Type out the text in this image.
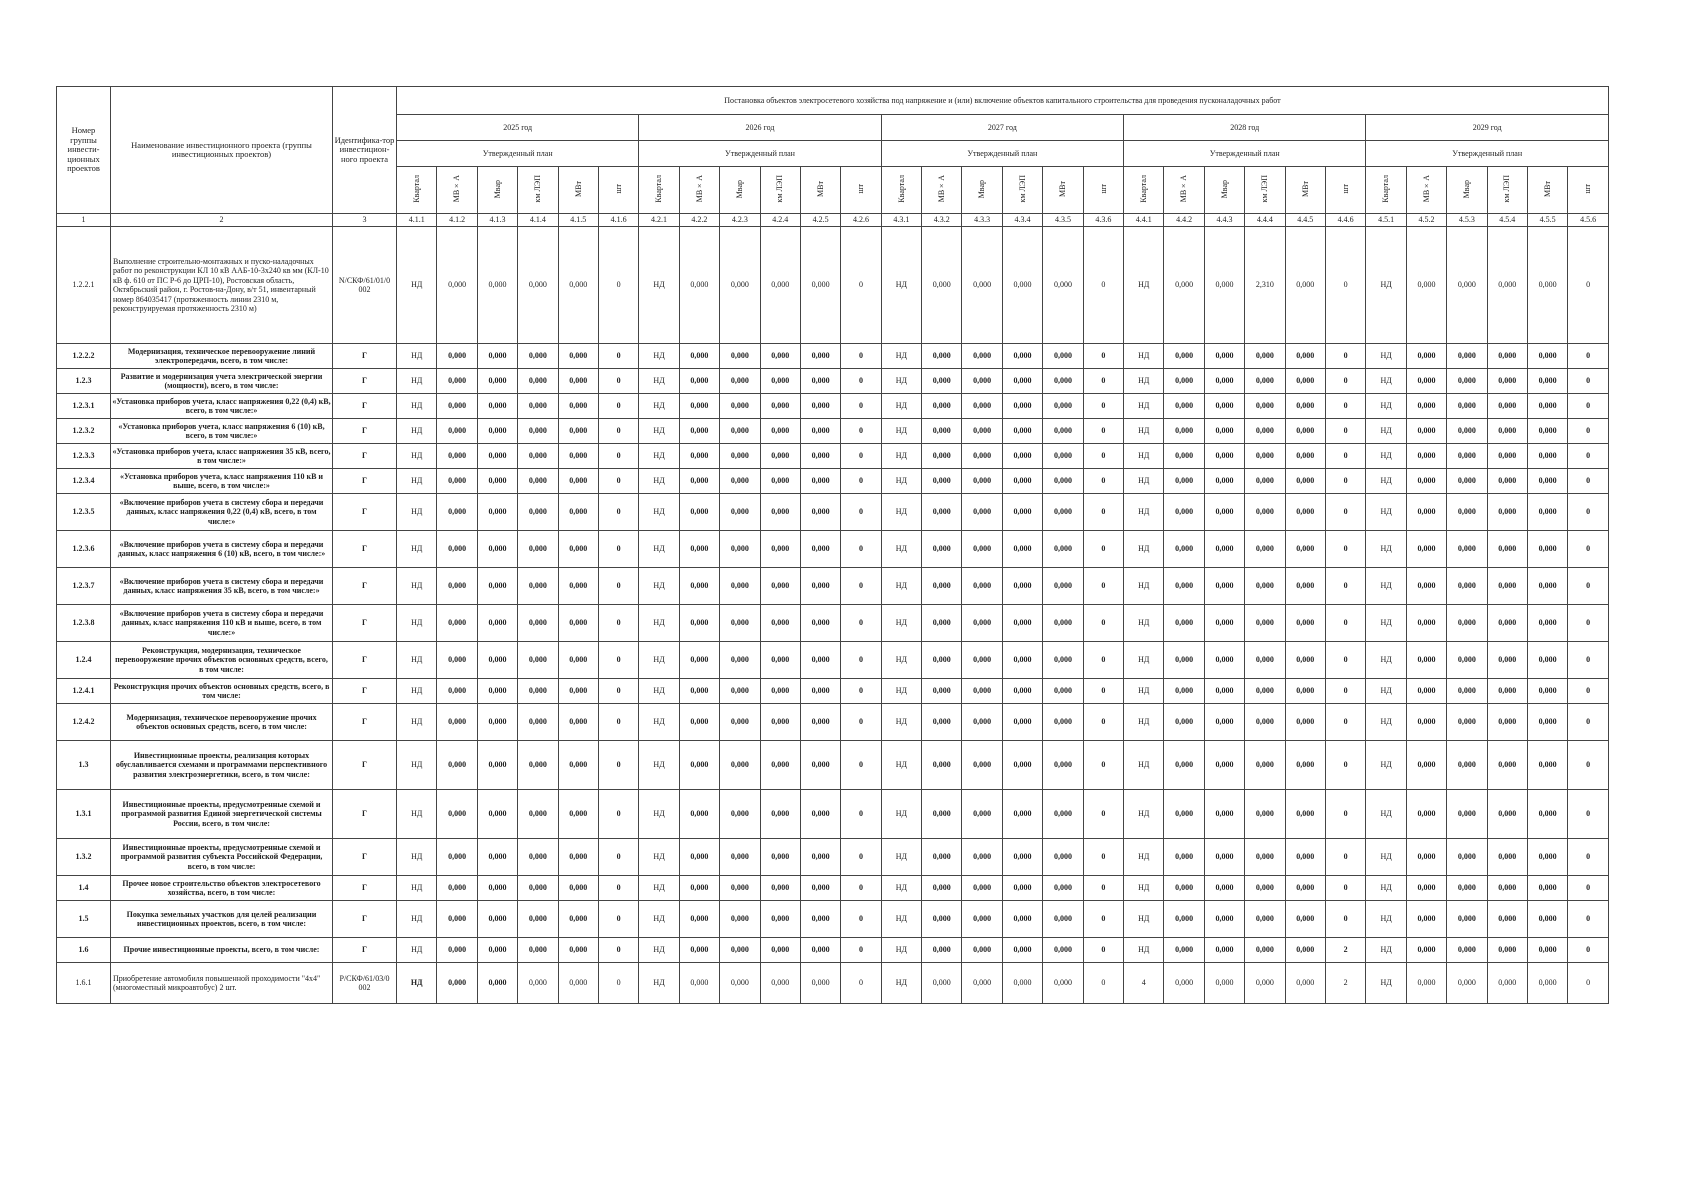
Номер группы инвести-ционных проектов	Наименование инвестиционного проекта (группы инвестиционных проектов)	Идентифика-тор инвестицион-ного проекта	Постановка объектов электросетевого хозяйства под напряжение и (или) включение объектов капитального строительства для проведения пусконаладочных работ																													
			2025 год						2026 год						2027 год						2028 год						2029 год					
			Утвержденный план						Утвержденный план						Утвержденный план						Утвержденный план						Утвержденный план					
			Квартал	МВ×А	Мвар	км ЛЭП	МВт	шт	Квартал	МВ×А	Мвар	км ЛЭП	МВт	шт	Квартал	МВ×А	Мвар	км ЛЭП	МВт	шт	Квартал	МВ×А	Мвар	км ЛЭП	МВт	шт	Квартал	МВ×А	Мвар	км ЛЭП	МВт	шт
1	2	3	4.1.1	4.1.2	4.1.3	4.1.4	4.1.5	4.1.6	4.2.1	4.2.2	4.2.3	4.2.4	4.2.5	4.2.6	4.3.1	4.3.2	4.3.3	4.3.4	4.3.5	4.3.6	4.4.1	4.4.2	4.4.3	4.4.4	4.4.5	4.4.6	4.5.1	4.5.2	4.5.3	4.5.4	4.5.5	4.5.6
1.2.2.1	Выполнение строительно-монтажных и пуско-наладочных работ по реконструкции КЛ 10 кВ ААБ-10-3х240 кв мм (КЛ-10 кВ ф. 610 от ПС Р-6 до ЦРП-10), Ростовская область, Октябрьский район, г. Ростов-на-Дону, в/т 51, инвентарный номер 864035417 (протяженность линии 2310 м, реконструируемая протяженность 2310 м)	N/СКФ/61/01/0 002	НД	0,000	0,000	0,000	0,000	0	НД	0,000	0,000	0,000	0,000	0	НД	0,000	0,000	0,000	0,000	0	НД	0,000	0,000	2,310	0,000	0	НД	0,000	0,000	0,000	0,000	0
1.2.2.2	Модернизация, техническое перевооружение линий электропередачи, всего, в том числе:	Г	НД	0,000	0,000	0,000	0,000	0	НД	0,000	0,000	0,000	0,000	0	НД	0,000	0,000	0,000	0,000	0	НД	0,000	0,000	0,000	0,000	0	НД	0,000	0,000	0,000	0,000	0
1.2.3	Развитие и модернизация учета электрической энергии (мощности), всего, в том числе:	Г	НД	0,000	0,000	0,000	0,000	0	НД	0,000	0,000	0,000	0,000	0	НД	0,000	0,000	0,000	0,000	0	НД	0,000	0,000	0,000	0,000	0	НД	0,000	0,000	0,000	0,000	0
1.2.3.1	«Установка приборов учета, класс напряжения 0,22 (0,4) кВ, всего, в том числе:»	Г	НД	0,000	0,000	0,000	0,000	0	НД	0,000	0,000	0,000	0,000	0	НД	0,000	0,000	0,000	0,000	0	НД	0,000	0,000	0,000	0,000	0	НД	0,000	0,000	0,000	0,000	0
1.2.3.2	«Установка приборов учета, класс напряжения 6 (10) кВ, всего, в том числе:»	Г	НД	0,000	0,000	0,000	0,000	0	НД	0,000	0,000	0,000	0,000	0	НД	0,000	0,000	0,000	0,000	0	НД	0,000	0,000	0,000	0,000	0	НД	0,000	0,000	0,000	0,000	0
1.2.3.3	«Установка приборов учета, класс напряжения 35 кВ, всего, в том числе:»	Г	НД	0,000	0,000	0,000	0,000	0	НД	0,000	0,000	0,000	0,000	0	НД	0,000	0,000	0,000	0,000	0	НД	0,000	0,000	0,000	0,000	0	НД	0,000	0,000	0,000	0,000	0
1.2.3.4	«Установка приборов учета, класс напряжения 110 кВ и выше, всего, в том числе:»	Г	НД	0,000	0,000	0,000	0,000	0	НД	0,000	0,000	0,000	0,000	0	НД	0,000	0,000	0,000	0,000	0	НД	0,000	0,000	0,000	0,000	0	НД	0,000	0,000	0,000	0,000	0
1.2.3.5	«Включение приборов учета в систему сбора и передачи данных, класс напряжения 0,22 (0,4) кВ, всего, в том числе:»	Г	НД	0,000	0,000	0,000	0,000	0	НД	0,000	0,000	0,000	0,000	0	НД	0,000	0,000	0,000	0,000	0	НД	0,000	0,000	0,000	0,000	0	НД	0,000	0,000	0,000	0,000	0
1.2.3.6	«Включение приборов учета в систему сбора и передачи данных, класс напряжения 6 (10) кВ, всего, в том числе:»	Г	НД	0,000	0,000	0,000	0,000	0	НД	0,000	0,000	0,000	0,000	0	НД	0,000	0,000	0,000	0,000	0	НД	0,000	0,000	0,000	0,000	0	НД	0,000	0,000	0,000	0,000	0
1.2.3.7	«Включение приборов учета в систему сбора и передачи данных, класс напряжения 35 кВ, всего, в том числе:»	Г	НД	0,000	0,000	0,000	0,000	0	НД	0,000	0,000	0,000	0,000	0	НД	0,000	0,000	0,000	0,000	0	НД	0,000	0,000	0,000	0,000	0	НД	0,000	0,000	0,000	0,000	0
1.2.3.8	«Включение приборов учета в систему сбора и передачи данных, класс напряжения 110 кВ и выше, всего, в том числе:»	Г	НД	0,000	0,000	0,000	0,000	0	НД	0,000	0,000	0,000	0,000	0	НД	0,000	0,000	0,000	0,000	0	НД	0,000	0,000	0,000	0,000	0	НД	0,000	0,000	0,000	0,000	0
1.2.4	Реконструкция, модернизация, техническое перевооружение прочих объектов основных средств, всего, в том числе:	Г	НД	0,000	0,000	0,000	0,000	0	НД	0,000	0,000	0,000	0,000	0	НД	0,000	0,000	0,000	0,000	0	НД	0,000	0,000	0,000	0,000	0	НД	0,000	0,000	0,000	0,000	0
1.2.4.1	Реконструкция прочих объектов основных средств, всего, в том числе:	Г	НД	0,000	0,000	0,000	0,000	0	НД	0,000	0,000	0,000	0,000	0	НД	0,000	0,000	0,000	0,000	0	НД	0,000	0,000	0,000	0,000	0	НД	0,000	0,000	0,000	0,000	0
1.2.4.2	Модернизация, техническое перевооружение прочих объектов основных средств, всего, в том числе:	Г	НД	0,000	0,000	0,000	0,000	0	НД	0,000	0,000	0,000	0,000	0	НД	0,000	0,000	0,000	0,000	0	НД	0,000	0,000	0,000	0,000	0	НД	0,000	0,000	0,000	0,000	0
1.3	Инвестиционные проекты, реализация которых обуславливается схемами и программами перспективного развития электроэнергетики, всего, в том числе:	Г	НД	0,000	0,000	0,000	0,000	0	НД	0,000	0,000	0,000	0,000	0	НД	0,000	0,000	0,000	0,000	0	НД	0,000	0,000	0,000	0,000	0	НД	0,000	0,000	0,000	0,000	0
1.3.1	Инвестиционные проекты, предусмотренные схемой и программой развития Единой энергетической системы России, всего, в том числе:	Г	НД	0,000	0,000	0,000	0,000	0	НД	0,000	0,000	0,000	0,000	0	НД	0,000	0,000	0,000	0,000	0	НД	0,000	0,000	0,000	0,000	0	НД	0,000	0,000	0,000	0,000	0
1.3.2	Инвестиционные проекты, предусмотренные схемой и программой развития субъекта Российской Федерации, всего, в том числе:	Г	НД	0,000	0,000	0,000	0,000	0	НД	0,000	0,000	0,000	0,000	0	НД	0,000	0,000	0,000	0,000	0	НД	0,000	0,000	0,000	0,000	0	НД	0,000	0,000	0,000	0,000	0
1.4	Прочее новое строительство объектов электросетевого хозяйства, всего, в том числе:	Г	НД	0,000	0,000	0,000	0,000	0	НД	0,000	0,000	0,000	0,000	0	НД	0,000	0,000	0,000	0,000	0	НД	0,000	0,000	0,000	0,000	0	НД	0,000	0,000	0,000	0,000	0
1.5	Покупка земельных участков для целей реализации инвестиционных проектов, всего, в том числе:	Г	НД	0,000	0,000	0,000	0,000	0	НД	0,000	0,000	0,000	0,000	0	НД	0,000	0,000	0,000	0,000	0	НД	0,000	0,000	0,000	0,000	0	НД	0,000	0,000	0,000	0,000	0
1.6	Прочие инвестиционные проекты, всего, в том числе:	Г	НД	0,000	0,000	0,000	0,000	0	НД	0,000	0,000	0,000	0,000	0	НД	0,000	0,000	0,000	0,000	0	НД	0,000	0,000	0,000	0,000	2	НД	0,000	0,000	0,000	0,000	0
1.6.1	Приобретение автомобиля повышенной проходимости "4х4" (многоместный микроавтобус) 2 шт.	P/СКФ/61/03/0 002	НД	0,000	0,000	0,000	0,000	0	НД	0,000	0,000	0,000	0,000	0	НД	0,000	0,000	0,000	0,000	0	4	0,000	0,000	0,000	0,000	2	НД	0,000	0,000	0,000	0,000	0
